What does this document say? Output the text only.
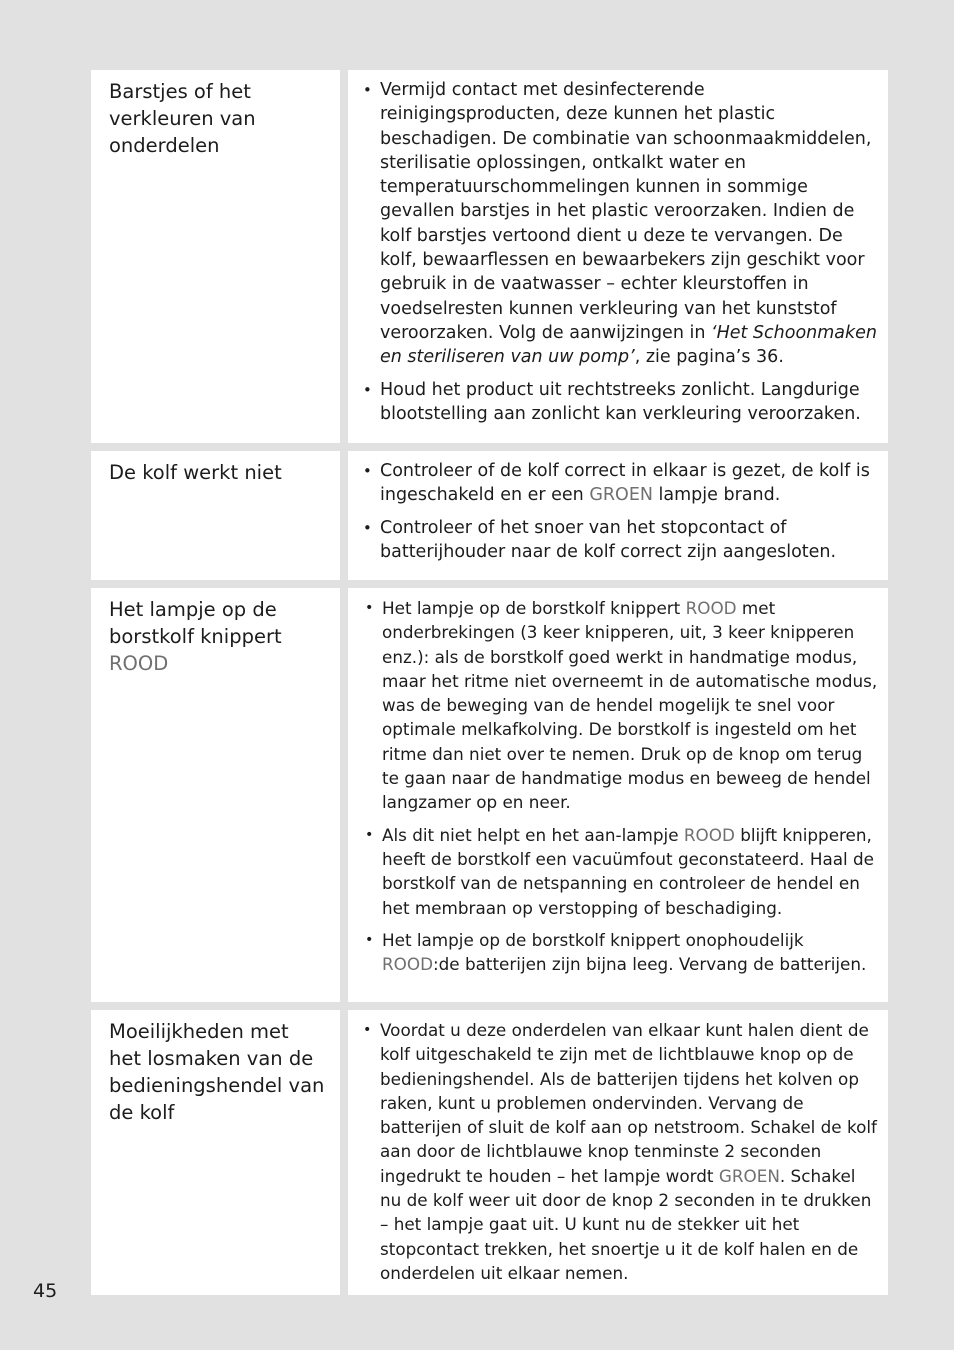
Barstjes of het verkleuren van onderdelen
• Vermijd contact met desinfecterende reinigingsproducten, deze kunnen het plastic beschadigen. De combinatie van schoonmaakmiddelen, sterilisatie oplossingen, ontkalkt water en temperatuurschommelingen kunnen in sommige gevallen barstjes in het plastic veroorzaken. Indien de kolf barstjes vertoond dient u deze te vervangen. De kolf, bewaarflessen en bewaarbekers zijn geschikt voor gebruik in de vaatwasser – echter kleurstoffen in voedselresten kunnen verkleuring van het kunststof veroorzaken. Volg de aanwijzingen in ‘Het Schoonmaken en steriliseren van uw pomp’, zie pagina’s 36.
• Houd het product uit rechtstreeks zonlicht. Langdurige blootstelling aan zonlicht kan verkleuring veroorzaken.
De kolf werkt niet
•	Controleer of de kolf correct in elkaar is gezet, de kolf is ingeschakeld en er een GROEN lampje brand.
• Controleer of het snoer van het stopcontact of batterijhouder naar de kolf correct zijn aangesloten.
Het lampje op de borstkolf knippert
ROOD
• Het lampje op de borstkolf knippert ROOD met onderbrekingen (3 keer knipperen, uit, 3 keer knipperen enz.): als de borstkolf goed werkt in handmatige modus, maar het ritme niet overneemt in de automatische modus, was de beweging van de hendel mogelijk te snel voor optimale melkafkolving. De borstkolf is ingesteld om het ritme dan niet over te nemen. Druk op de knop om terug te gaan naar de handmatige modus en beweeg de hendel langzamer op en neer.
• Als dit niet helpt en het aan-lampje ROOD blijft knipperen, heeft de borstkolf een vacuümfout geconstateerd. Haal de borstkolf van de netspanning en controleer de hendel en het membraan op verstopping of beschadiging.
• Het lampje op de borstkolf knippert onophoudelijk ROOD:de batterijen zijn bijna leeg. Vervang de batterijen.
Moeilijkheden met het losmaken van de bedieningshendel van de kolf
• Voordat u deze onderdelen van elkaar kunt halen dient de kolf uitgeschakeld te zijn met de lichtblauwe knop op de bedieningshendel. Als de batterijen tijdens het kolven op raken, kunt u problemen ondervinden. Vervang de batterijen of sluit de kolf aan op netstroom. Schakel de kolf aan door de lichtblauwe knop tenminste 2 seconden ingedrukt te houden – het lampje wordt GROEN. Schakel nu de kolf weer uit door de knop 2 seconden in te drukken – het lampje gaat uit. U kunt nu de stekker uit het stopcontact trekken, het snoertje u it de kolf halen en de onderdelen uit elkaar nemen.
45
